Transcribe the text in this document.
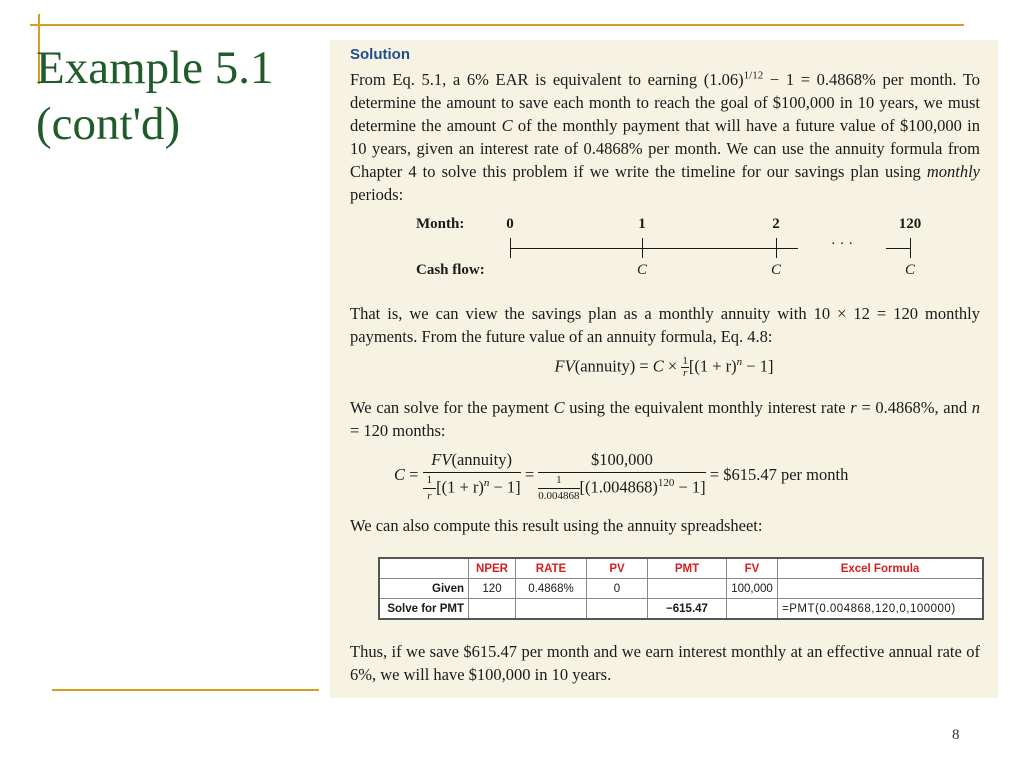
Example 5.1
(cont'd)
Solution
From Eq. 5.1, a 6% EAR is equivalent to earning $(1.06)^{1/12} - 1 = 0.4868\%$ per month. To determine the amount to save each month to reach the goal of $100,000 in 10 years, we must determine the amount C of the monthly payment that will have a future value of $100,000 in 10 years, given an interest rate of 0.4868% per month. We can use the annuity formula from Chapter 4 to solve this problem if we write the timeline for our savings plan using monthly periods:
Month:
Cash flow:
0	1	2	120
· · ·
C	C	C
That is, we can view the savings plan as a monthly annuity with 10 × 12 = 120 monthly payments. From the future value of an annuity formula, Eq. 4.8:
FV(annuity) = $C \times \frac{1}{r} [(1 + r)^n - 1]$
We can solve for the payment C using the equivalent monthly interest rate r = 0.4868%, and n = 120 months:
$C = \frac{\text{FV(annuity)}}{\frac{1}{r} [(1 + r)^n - 1]} = \frac{\$100,000}{\frac{1}{0.004868} [(1.004868)^{120} - 1]}$ = $615.47 per month
We can also compute this result using the annuity spreadsheet:
	NPER	RATE	PV	PMT	FV	Excel Formula
Given	120	0.4868%	0		100,000	
Solve for PMT				−615.47		=PMT(0.004868,120,0,100000)
Thus, if we save $615.47 per month and we earn interest monthly at an effective annual rate of 6%, we will have $100,000 in 10 years.
8
